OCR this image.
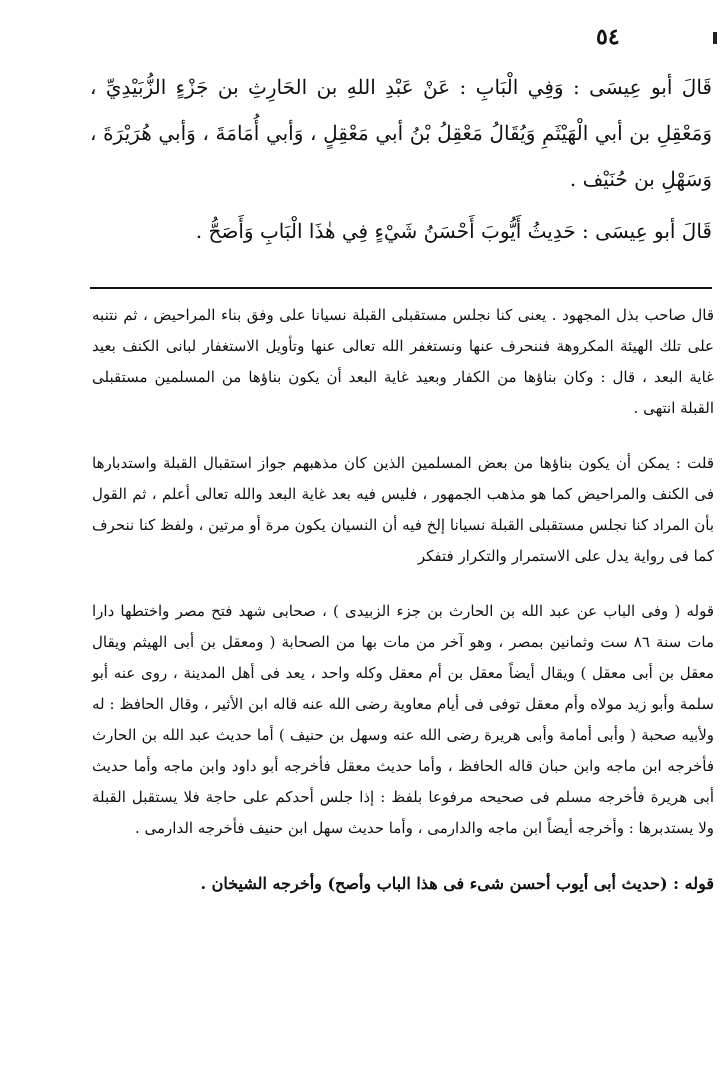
٥٤

قَالَ أبو عِيسَى : وَفِي الْبَابِ : عَنْ عَبْدِ اللهِ بن الحَارِثِ بن جَزْءٍ الزُّبَيْدِيِّ ، وَمَعْقِلِ بن أبي الْهَيْثَمِ وَيُقَالُ مَعْقِلُ بْنُ أبي مَعْقِلٍ ، وَأبي أُمَامَةَ ، وَأبي هُرَيْرَةَ ، وَسَهْلِ بن حُنَيْف .

قَالَ أبو عِيسَى : حَدِيثُ أَيُّوبَ أَحْسَنُ شَيْءٍ فِي هٰذَا الْبَابِ وَأَصَحُّ .

قال صاحب بذل المجهود . يعنى كنا نجلس مستقبلى القبلة نسيانا على وفق بناء المراحيض ، ثم نتنبه على تلك الهيئة المكروهة فننحرف عنها ونستغفر الله تعالى عنها وتأويل الاستغفار لبانى الكنف بعيد غاية البعد ، قال : وكان بناؤها من الكفار وبعيد غاية البعد أن يكون بناؤها من المسلمين مستقبلى القبلة انتهى .

قلت : يمكن أن يكون بناؤها من بعض المسلمين الذين كان مذهبهم جواز استقبال القبلة واستدبارها فى الكنف والمراحيض كما هو مذهب الجمهور ، فليس فيه بعد غاية البعد والله تعالى أعلم ، ثم القول بأن المراد كنا نجلس مستقبلى القبلة نسيانا إلخ فيه أن النسيان يكون مرة أو مرتين ، ولفظ كنا ننحرف كما فى رواية يدل على الاستمرار والتكرار فتفكر

قوله ( وفى الباب عن عبد الله بن الحارث بن جزء الزبيدى ) ، صحابى شهد فتح مصر واختطها دارا مات سنة ٨٦ ست وثمانين بمصر ، وهو آخر من مات بها من الصحابة ( ومعقل بن أبى الهيثم ويقال معقل بن أبى معقل ) ويقال أيضاً معقل بن أم معقل وكله واحد ، يعد فى أهل المدينة ، روى عنه أبو سلمة وأبو زيد مولاه وأم معقل توفى فى أيام معاوية رضى الله عنه قاله ابن الأثير ، وقال الحافظ : له ولأبيه صحبة ( وأبى أمامة وأبى هريرة رضى الله عنه وسهل بن حنيف ) أما حديث عبد الله بن الحارث فأخرجه ابن ماجه وابن حبان قاله الحافظ ، وأما حديث معقل فأخرجه أبو داود وابن ماجه وأما حديث أبى هريرة فأخرجه مسلم فى صحيحه مرفوعا بلفظ : إذا جلس أحدكم على حاجة فلا يستقبل القبلة ولا يستدبرها : وأخرجه أيضاً ابن ماجه والدارمى ، وأما حديث سهل ابن حنيف فأخرجه الدارمى .

قوله : (حديث أبى أيوب أحسن شىء فى هذا الباب وأصح) وأخرجه الشيخان .
